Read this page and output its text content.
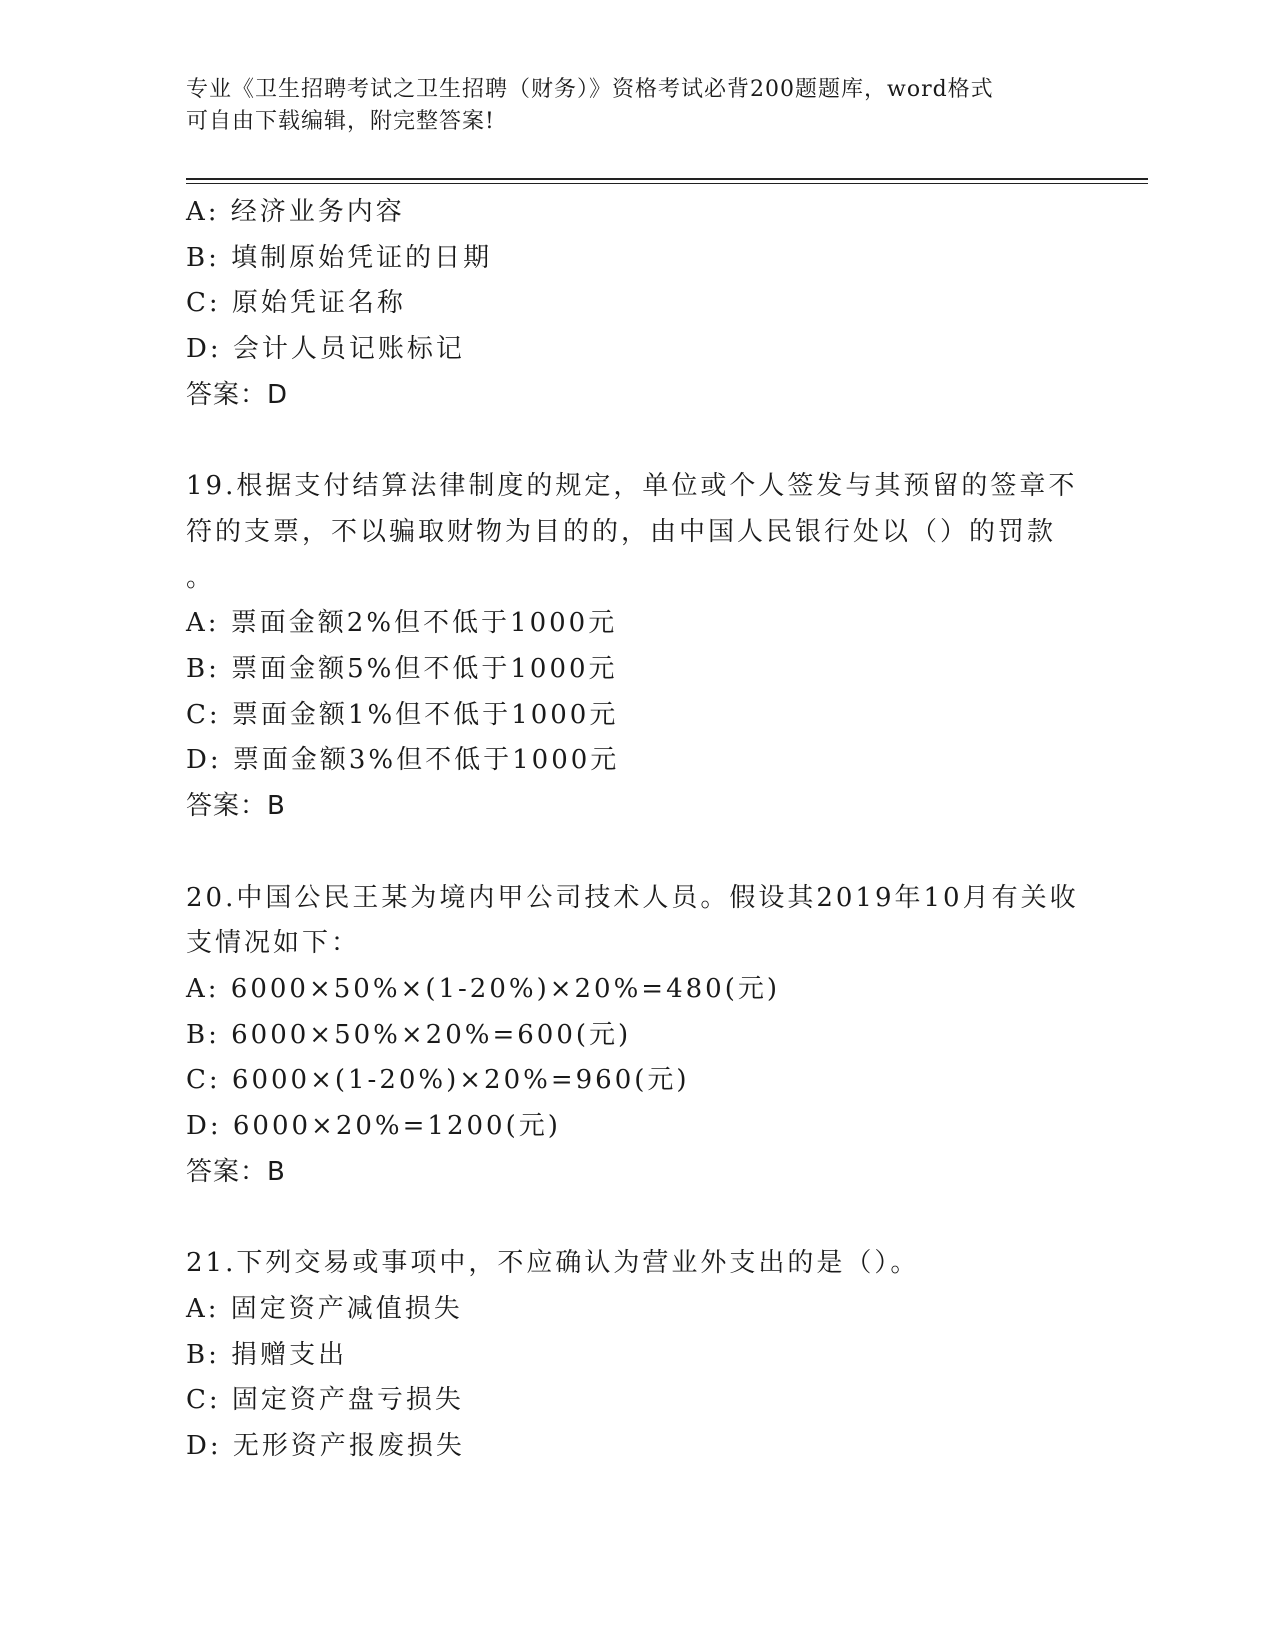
专业《卫生招聘考试之卫生招聘（财务）》资格考试必背200题题库，word格式
可自由下载编辑，附完整答案!
A: 经济业务内容
B: 填制原始凭证的日期
C: 原始凭证名称
D: 会计人员记账标记
答案：D
19.根据支付结算法律制度的规定，单位或个人签发与其预留的签章不
符的支票，不以骗取财物为目的的，由中国人民银行处以（）的罚款
。
A: 票面金额2%但不低于1000元
B: 票面金额5%但不低于1000元
C: 票面金额1%但不低于1000元
D: 票面金额3%但不低于1000元
答案：B
20.中国公民王某为境内甲公司技术人员。假设其2019年10月有关收
支情况如下：
A: 6000×50%×(1-20%)×20%=480(元)
B: 6000×50%×20%=600(元)
C: 6000×(1-20%)×20%=960(元)
D: 6000×20%=1200(元)
答案：B
21.下列交易或事项中，不应确认为营业外支出的是（）。
A: 固定资产减值损失
B: 捐赠支出
C: 固定资产盘亏损失
D: 无形资产报废损失
